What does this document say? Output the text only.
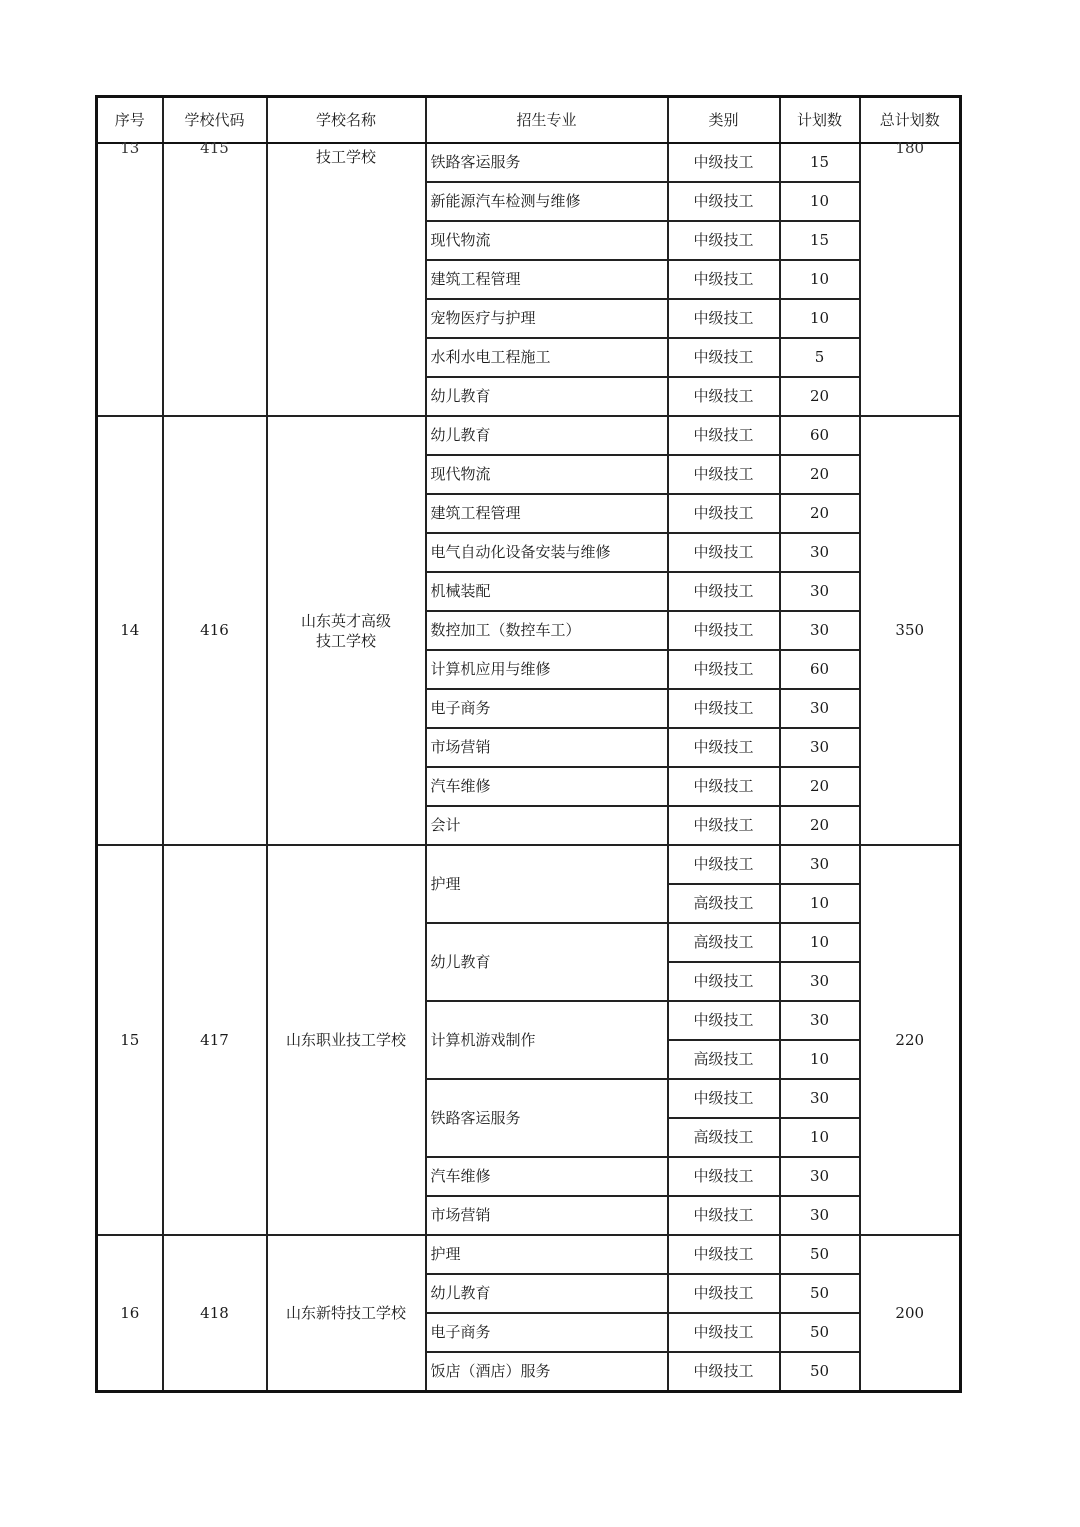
序号	学校代码	学校名称	招生专业	类别	计划数	总计划数

13	415	技工学校	铁路客运服务	中级技工	15	180

			新能源汽车检测与维修	中级技工	10	
			现代物流	中级技工	15	
			建筑工程管理	中级技工	10	
			宠物医疗与护理	中级技工	10	
			水利水电工程施工	中级技工	5	
			幼儿教育	中级技工	20	
14	416	山东英才高级技工学校	幼儿教育	中级技工	60	350
			现代物流	中级技工	20	
			建筑工程管理	中级技工	20	
			电气自动化设备安装与维修	中级技工	30	
			机械装配	中级技工	30	
			数控加工（数控车工）	中级技工	30	
			计算机应用与维修	中级技工	60	
			电子商务	中级技工	30	
			市场营销	中级技工	30	
			汽车维修	中级技工	20	
			会计	中级技工	20	
15	417	山东职业技工学校	护理	中级技工	30	220
				高级技工	10	
			幼儿教育	高级技工	10	
				中级技工	30	
			计算机游戏制作	中级技工	30	
				高级技工	10	
			铁路客运服务	中级技工	30	
				高级技工	10	
			汽车维修	中级技工	30	
			市场营销	中级技工	30	
16	418	山东新特技工学校	护理	中级技工	50	200
			幼儿教育	中级技工	50	
			电子商务	中级技工	50	
			饭店（酒店）服务	中级技工	50	
